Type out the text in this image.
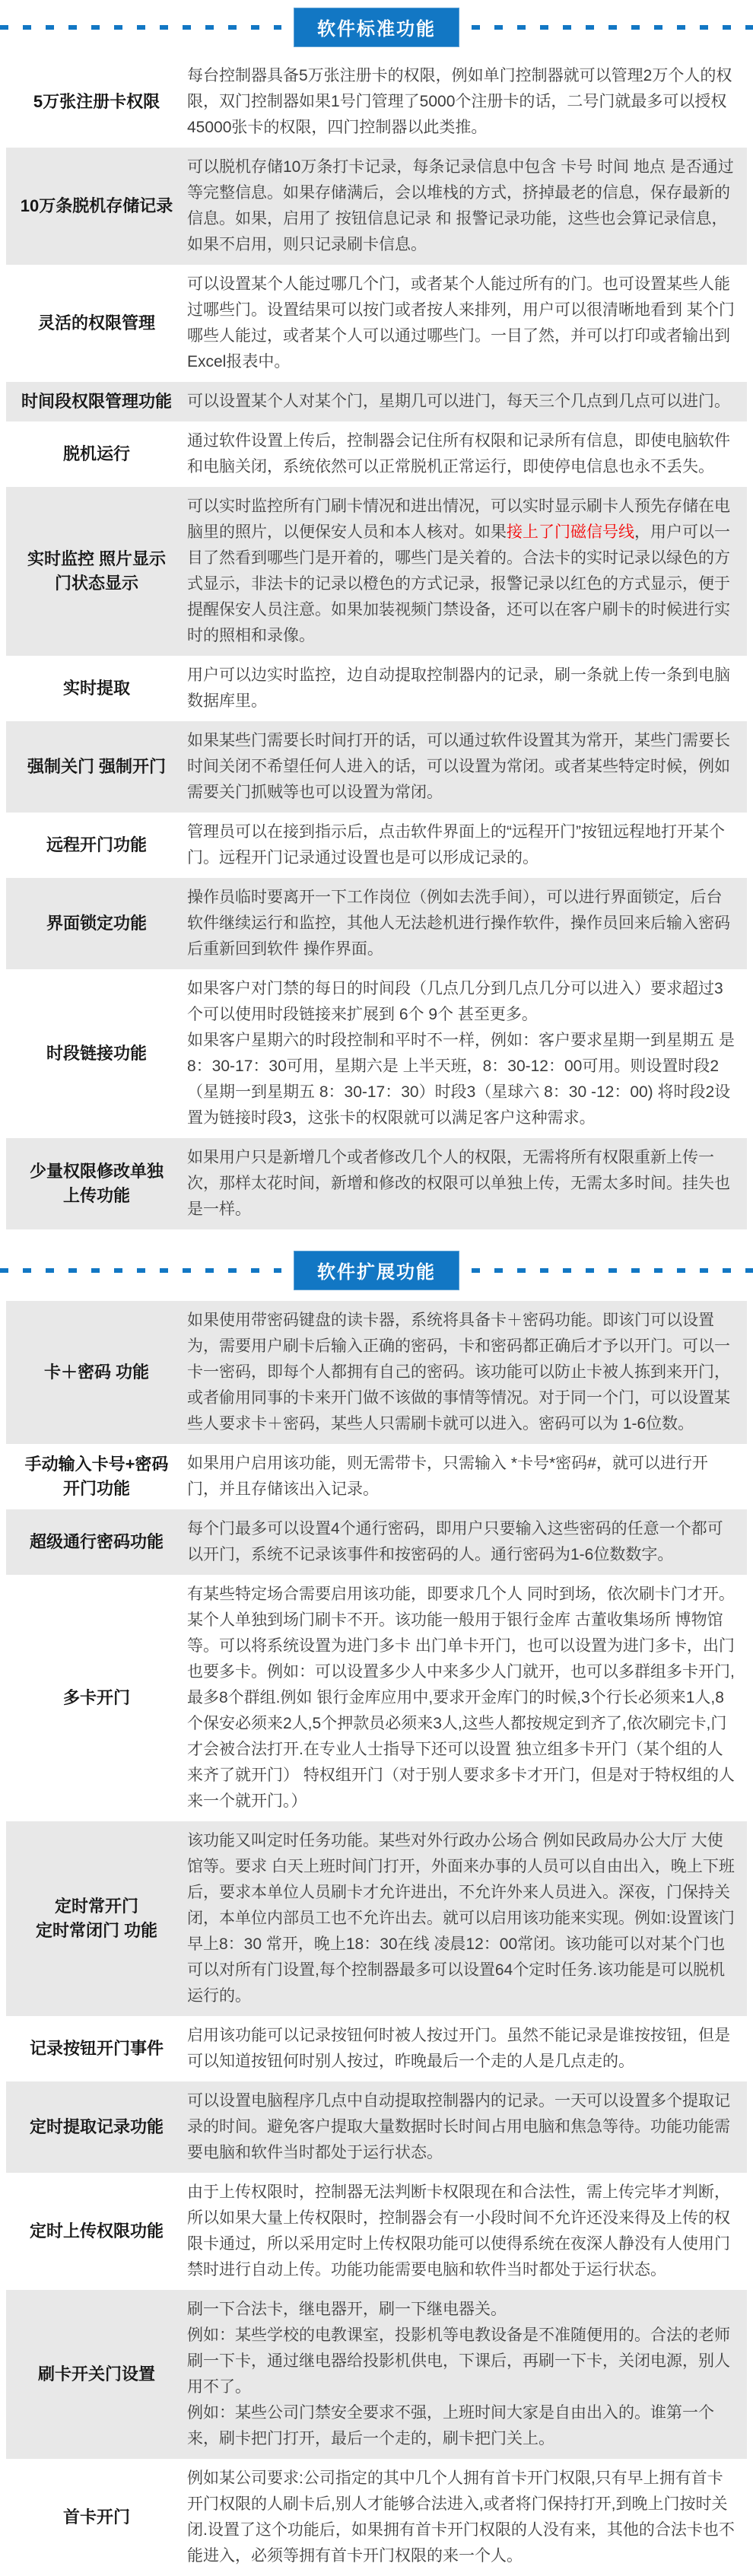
软件标准功能
5万张注册卡权限
每台控制器具备5万张注册卡的权限，例如单门控制器就可以管理2万个人的权限，双门控制器如果1号门管理了5000个注册卡的话，二号门就最多可以授权45000张卡的权限，四门控制器以此类推。
10万条脱机存储记录
可以脱机存储10万条打卡记录，每条记录信息中包含 卡号 时间 地点 是否通过 等完整信息。如果存储满后，会以堆栈的方式，挤掉最老的信息，保存最新的信息。如果，启用了 按钮信息记录 和 报警记录功能，这些也会算记录信息，如果不启用，则只记录刷卡信息。
灵活的权限管理
可以设置某个人能过哪几个门，或者某个人能过所有的门。也可设置某些人能过哪些门。设置结果可以按门或者按人来排列，用户可以很清晰地看到 某个门哪些人能过，或者某个人可以通过哪些门。一目了然，并可以打印或者输出到Excel报表中。
时间段权限管理功能 可以设置某个人对某个门，星期几可以进门，每天三个几点到几点可以进门。
脱机运行
通过软件设置上传后，控制器会记住所有权限和记录所有信息，即使电脑软件和电脑关闭，系统依然可以正常脱机正常运行，即使停电信息也永不丢失。
实时监控 照片显示
门状态显示
可以实时监控所有门刷卡情况和进出情况，可以实时显示刷卡人预先存储在电脑里的照片，以便保安人员和本人核对。如果接上了门磁信号线，用户可以一目了然看到哪些门是开着的，哪些门是关着的。合法卡的实时记录以绿色的方式显示，非法卡的记录以橙色的方式记录，报警记录以红色的方式显示，便于提醒保安人员注意。如果加装视频门禁设备，还可以在客户刷卡的时候进行实时的照相和录像。
实时提取
用户可以边实时监控，边自动提取控制器内的记录，刷一条就上传一条到电脑数据库里。
强制关门 强制开门
如果某些门需要长时间打开的话，可以通过软件设置其为常开，某些门需要长时间关闭不希望任何人进入的话，可以设置为常闭。或者某些特定时候，例如需要关门抓贼等也可以设置为常闭。
远程开门功能
管理员可以在接到指示后，点击软件界面上的“远程开门”按钮远程地打开某个门。远程开门记录通过设置也是可以形成记录的。
界面锁定功能
操作员临时要离开一下工作岗位（例如去洗手间），可以进行界面锁定，后台软件继续运行和监控，其他人无法趁机进行操作软件，操作员回来后输入密码后重新回到软件 操作界面。
时段链接功能
如果客户对门禁的每日的时间段（几点几分到几点几分可以进入）要求超过3个可以使用时段链接来扩展到 6个 9个 甚至更多。
如果客户星期六的时段控制和平时不一样，例如：客户要求星期一到星期五 是 8：30-17：30可用，星期六是 上半天班，8：30-12：00可用。则设置时段2（星期一到星期五 8：30-17：30）时段3（星球六 8：30 -12：00) 将时段2设置为链接时段3，这张卡的权限就可以满足客户这种需求。
少量权限修改单独
上传功能
如果用户只是新增几个或者修改几个人的权限，无需将所有权限重新上传一次，那样太花时间，新增和修改的权限可以单独上传，无需太多时间。挂失也是一样。
软件扩展功能
卡＋密码 功能
如果使用带密码键盘的读卡器，系统将具备卡＋密码功能。即该门可以设置为，需要用户刷卡后输入正确的密码，卡和密码都正确后才予以开门。可以一卡一密码，即每个人都拥有自己的密码。该功能可以防止卡被人拣到来开门，或者偷用同事的卡来开门做不该做的事情等情况。对于同一个门，可以设置某些人要求卡＋密码，某些人只需刷卡就可以进入。密码可以为 1-6位数。
手动输入卡号+密码
开门功能
如果用户启用该功能，则无需带卡，只需输入 *卡号*密码#，就可以进行开门，并且存储该出入记录。
超级通行密码功能
每个门最多可以设置4个通行密码，即用户只要输入这些密码的任意一个都可以开门，系统不记录该事件和按密码的人。通行密码为1-6位数数字。
多卡开门
有某些特定场合需要启用该功能，即要求几个人 同时到场，依次刷卡门才开。某个人单独到场门刷卡不开。该功能一般用于银行金库 古董收集场所 博物馆等。可以将系统设置为进门多卡 出门单卡开门，也可以设置为进门多卡，出门也要多卡。例如：可以设置多少人中来多少人门就开，也可以多群组多卡开门,最多8个群组.例如 银行金库应用中,要求开金库门的时候,3个行长必须来1人,8个保安必须来2人,5个押款员必须来3人,这些人都按规定到齐了,依次刷完卡,门才会被合法打开.在专业人士指导下还可以设置 独立组多卡开门（某个组的人来齐了就开门） 特权组开门（对于别人要求多卡才开门，但是对于特权组的人 来一个就开门。）
定时常开门
定时常闭门 功能
该功能又叫定时任务功能。某些对外行政办公场合 例如民政局办公大厅 大使馆等。要求 白天上班时间门打开，外面来办事的人员可以自由出入，晚上下班后，要求本单位人员刷卡才允许进出，不允许外来人员进入。深夜，门保持关闭，本单位内部员工也不允许出去。就可以启用该功能来实现。例如:设置该门早上8：30 常开，晚上18：30在线 凌晨12：00常闭。该功能可以对某个门也可以对所有门设置,每个控制器最多可以设置64个定时任务.该功能是可以脱机运行的。
记录按钮开门事件
启用该功能可以记录按钮何时被人按过开门。虽然不能记录是谁按按钮，但是可以知道按钮何时别人按过，昨晚最后一个走的人是几点走的。
定时提取记录功能
可以设置电脑程序几点中自动提取控制器内的记录。一天可以设置多个提取记录的时间。避免客户提取大量数据时长时间占用电脑和焦急等待。功能功能需要电脑和软件当时都处于运行状态。
定时上传权限功能
由于上传权限时，控制器无法判断卡权限现在和合法性，需上传完毕才判断，所以如果大量上传权限时，控制器会有一小段时间不允许还没来得及上传的权限卡通过，所以采用定时上传权限功能可以使得系统在夜深人静没有人使用门禁时进行自动上传。功能功能需要电脑和软件当时都处于运行状态。
刷卡开关门设置
刷一下合法卡，继电器开，刷一下继电器关。
例如：某些学校的电教课室，投影机等电教设备是不准随便用的。合法的老师刷一下卡，通过继电器给投影机供电，下课后，再刷一下卡，关闭电源，别人用不了。
例如：某些公司门禁安全要求不强，上班时间大家是自由出入的。谁第一个来，刷卡把门打开，最后一个走的，刷卡把门关上。
首卡开门
例如某公司要求:公司指定的其中几个人拥有首卡开门权限,只有早上拥有首卡开门权限的人刷卡后,别人才能够合法进入,或者将门保持打开,到晚上门按时关闭.设置了这个功能后，如果拥有首卡开门权限的人没有来，其他的合法卡也不能进入，必须等拥有首卡开门权限的来一个人。
